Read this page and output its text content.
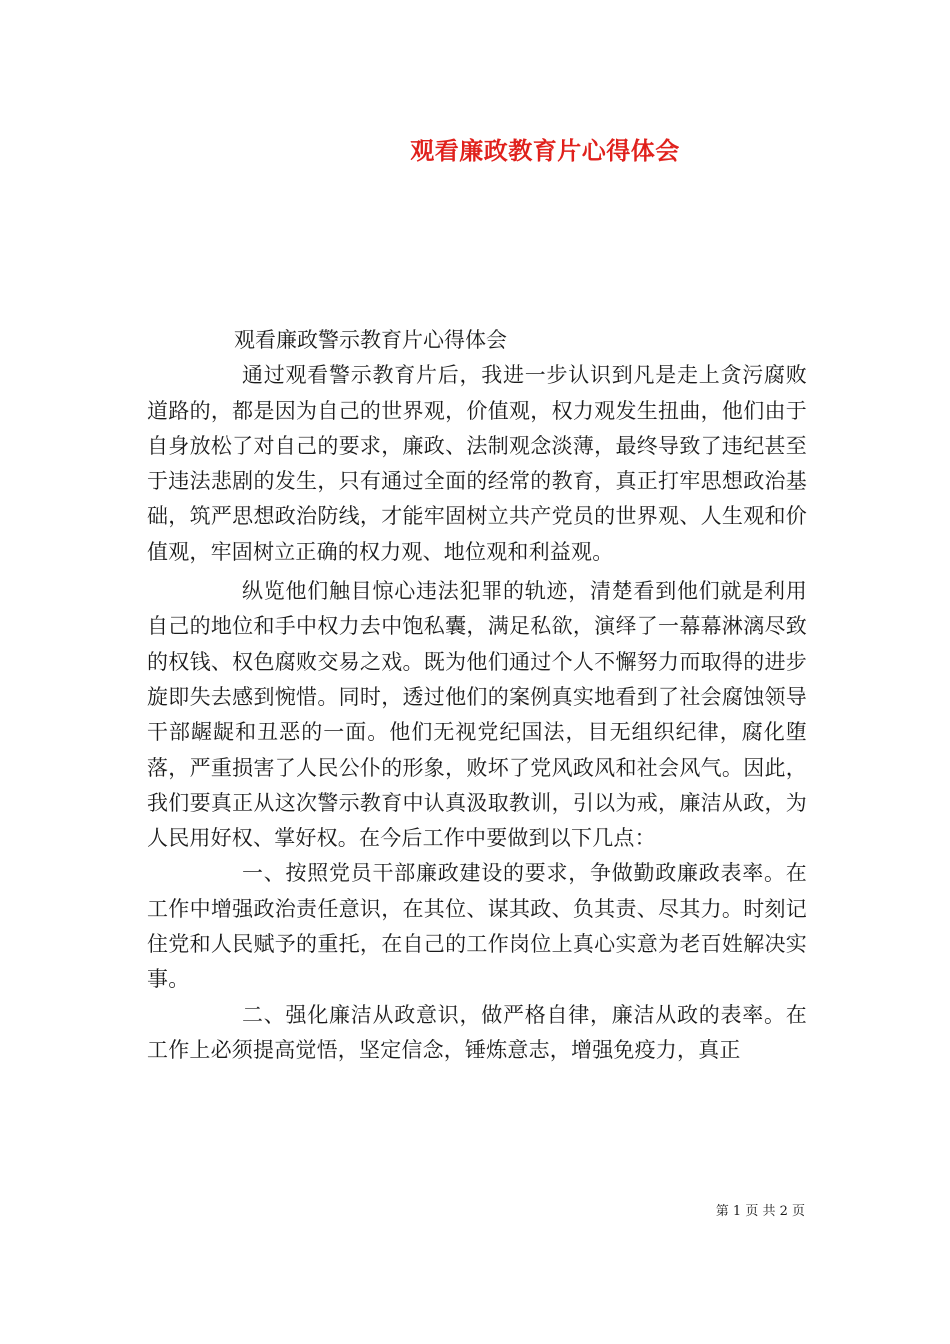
观看廉政教育片心得体会

观看廉政警示教育片心得体会

通过观看警示教育片后，我进一步认识到凡是走上贪污腐败道路的，都是因为自己的世界观，价值观，权力观发生扭曲，他们由于自身放松了对自己的要求，廉政、法制观念淡薄，最终导致了违纪甚至于违法悲剧的发生，只有通过全面的经常的教育，真正打牢思想政治基础，筑严思想政治防线，才能牢固树立共产党员的世界观、人生观和价值观，牢固树立正确的权力观、地位观和利益观。

纵览他们触目惊心违法犯罪的轨迹，清楚看到他们就是利用自己的地位和手中权力去中饱私囊，满足私欲，演绎了一幕幕淋漓尽致的权钱、权色腐败交易之戏。既为他们通过个人不懈努力而取得的进步旋即失去感到惋惜。同时，透过他们的案例真实地看到了社会腐蚀领导干部龌龊和丑恶的一面。他们无视党纪国法，目无组织纪律，腐化堕落，严重损害了人民公仆的形象，败坏了党风政风和社会风气。因此，我们要真正从这次警示教育中认真汲取教训，引以为戒，廉洁从政，为人民用好权、掌好权。在今后工作中要做到以下几点：

一、按照党员干部廉政建设的要求，争做勤政廉政表率。在工作中增强政治责任意识，在其位、谋其政、负其责、尽其力。时刻记住党和人民赋予的重托，在自己的工作岗位上真心实意为老百姓解决实事。

二、强化廉洁从政意识，做严格自律，廉洁从政的表率。在工作上必须提高觉悟，坚定信念，锤炼意志，增强免疫力，真正

第 1 页 共 2 页
